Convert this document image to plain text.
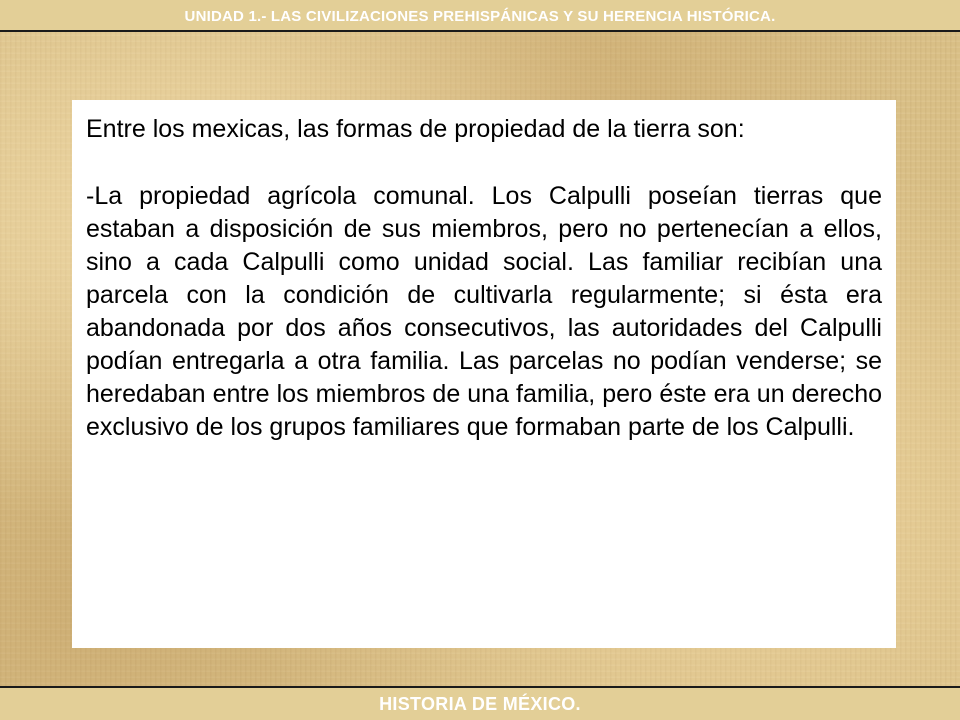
UNIDAD 1.- LAS CIVILIZACIONES PREHISPÁNICAS Y SU HERENCIA HISTÓRICA.

Entre los mexicas, las formas de propiedad de la tierra son:

-La propiedad agrícola comunal. Los Calpulli poseían tierras que estaban a disposición de sus miembros, pero no pertenecían a ellos, sino a cada Calpulli como unidad social. Las familiar recibían una parcela con la condición de cultivarla regularmente; si ésta era abandonada por dos años consecutivos, las autoridades del Calpulli podían entregarla a otra familia. Las parcelas no podían venderse; se heredaban entre los miembros de una familia, pero éste era un derecho exclusivo de los grupos familiares que formaban parte de los Calpulli.

HISTORIA DE MÉXICO.
